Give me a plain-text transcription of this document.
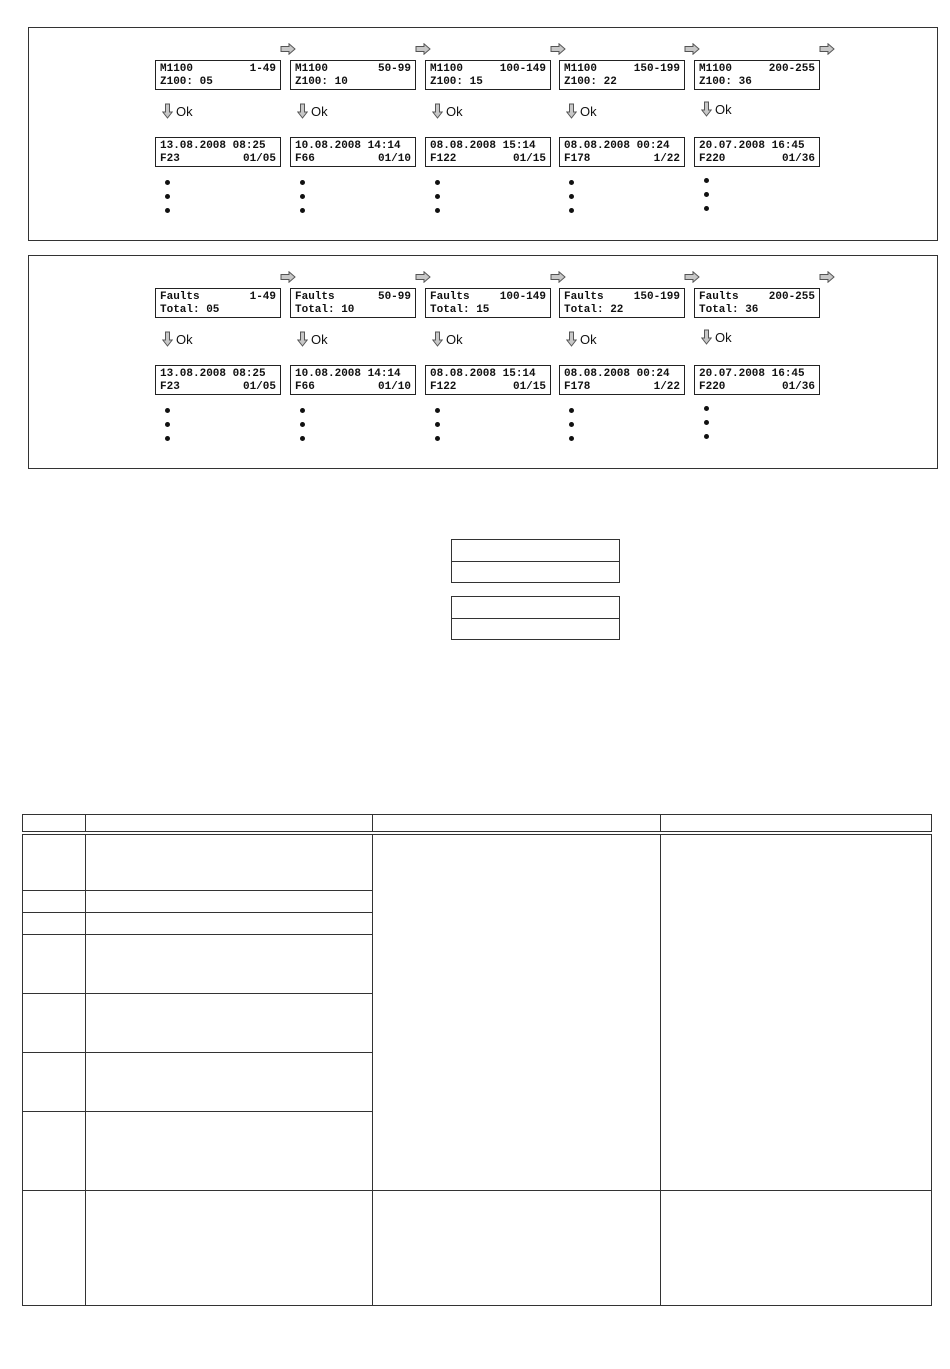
M1100	1-49
Z100: 05
Ok
13.08.2008 08:25
F23	01/05
M1100	50-99
Z100: 10
Ok
10.08.2008 14:14
F66	01/10
M1100	100-149
Z100: 15
Ok
08.08.2008 15:14
F122	01/15
M1100	150-199
Z100: 22
Ok
08.08.2008 00:24
F178	1/22
M1100	200-255
Z100: 36
Ok
20.07.2008 16:45
F220	01/36
Faults	1-49
Total: 05
Ok
13.08.2008 08:25
F23	01/05
Faults	50-99
Total: 10
Ok
10.08.2008 14:14
F66	01/10
Faults	100-149
Total: 15
Ok
08.08.2008 15:14
F122	01/15
Faults	150-199
Total: 22
Ok
08.08.2008 00:24
F178	1/22
Faults	200-255
Total: 36
Ok
20.07.2008 16:45
F220	01/36
